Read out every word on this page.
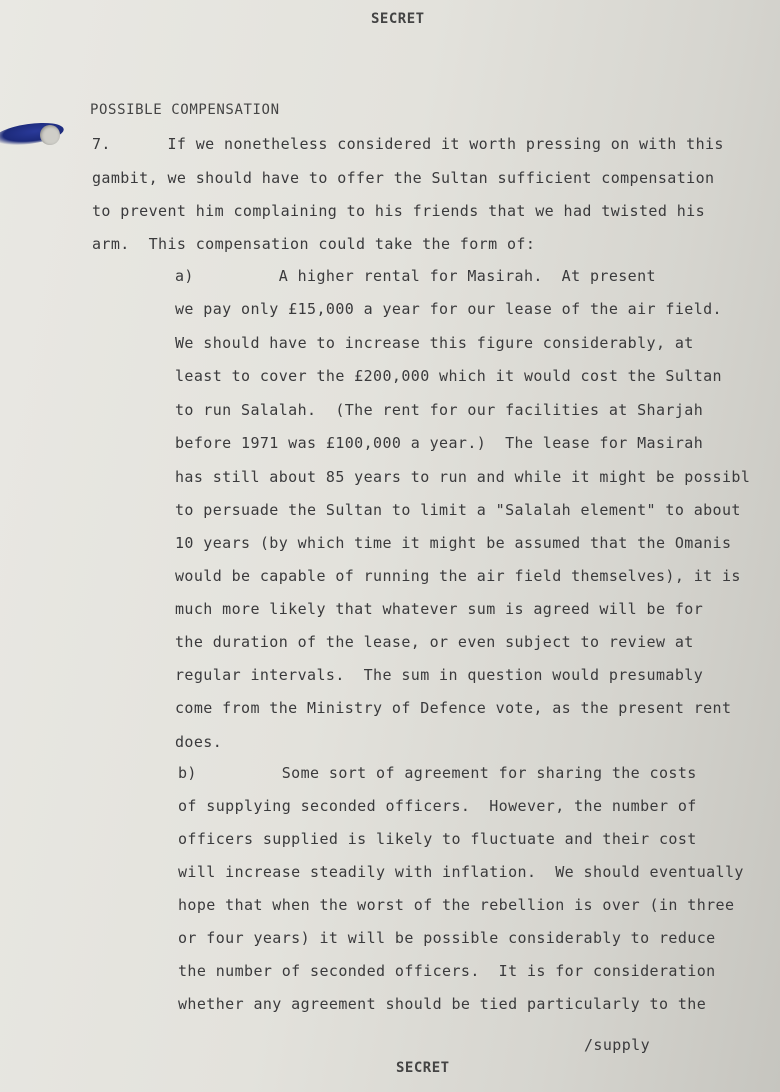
SECRET
POSSIBLE COMPENSATION
7.      If we nonetheless considered it worth pressing on with this
gambit, we should have to offer the Sultan sufficient compensation
to prevent him complaining to his friends that we had twisted his
arm.  This compensation could take the form of:
a)         A higher rental for Masirah.  At present
we pay only £15,000 a year for our lease of the air field.
We should have to increase this figure considerably, at
least to cover the £200,000 which it would cost the Sultan
to run Salalah.  (The rent for our facilities at Sharjah
before 1971 was £100,000 a year.)  The lease for Masirah
has still about 85 years to run and while it might be possibl
to persuade the Sultan to limit a "Salalah element" to about
10 years (by which time it might be assumed that the Omanis
would be capable of running the air field themselves), it is
much more likely that whatever sum is agreed will be for
the duration of the lease, or even subject to review at
regular intervals.  The sum in question would presumably
come from the Ministry of Defence vote, as the present rent
does.
b)         Some sort of agreement for sharing the costs
of supplying seconded officers.  However, the number of
officers supplied is likely to fluctuate and their cost
will increase steadily with inflation.  We should eventually
hope that when the worst of the rebellion is over (in three
or four years) it will be possible considerably to reduce
the number of seconded officers.  It is for consideration
whether any agreement should be tied particularly to the
/supply
SECRET
